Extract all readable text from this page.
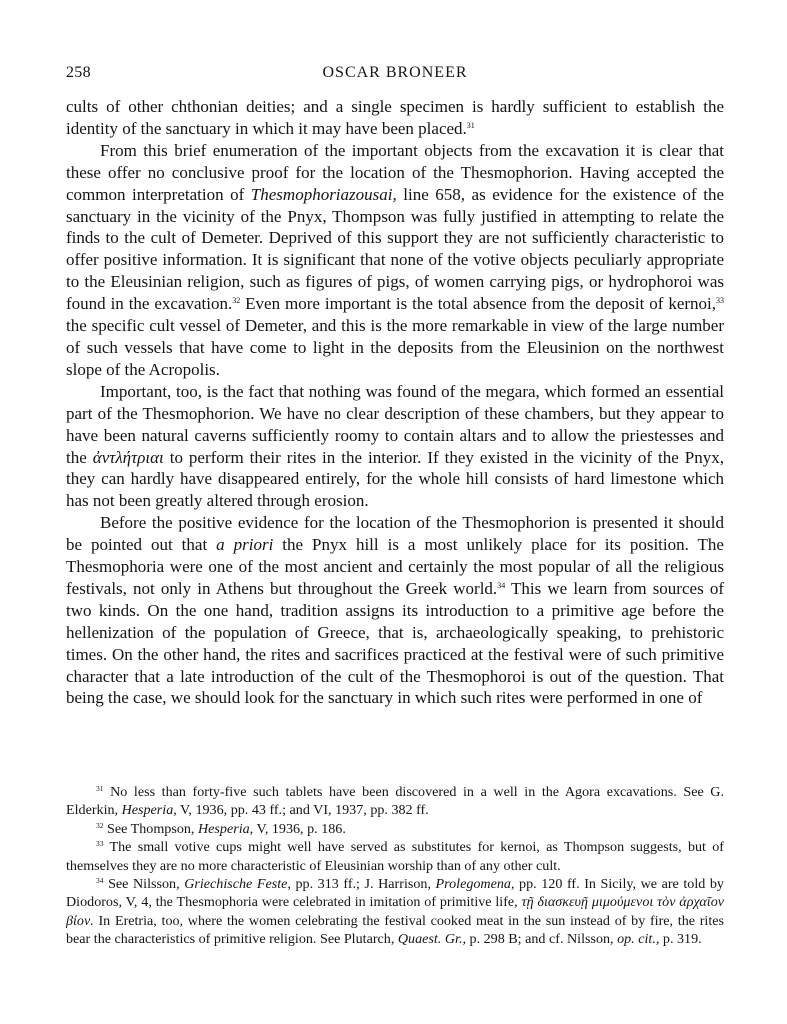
258	OSCAR BRONEER

cults of other chthonian deities; and a single specimen is hardly sufficient to establish the identity of the sanctuary in which it may have been placed.$^{31}$

From this brief enumeration of the important objects from the excavation it is clear that these offer no conclusive proof for the location of the Thesmophorion. Having accepted the common interpretation of Thesmophoriazousai, line 658, as evidence for the existence of the sanctuary in the vicinity of the Pnyx, Thompson was fully justified in attempting to relate the finds to the cult of Demeter. Deprived of this support they are not sufficiently characteristic to offer positive information. It is significant that none of the votive objects peculiarly appropriate to the Eleusinian religion, such as figures of pigs, of women carrying pigs, or hydrophoroi was found in the excavation.$^{32}$ Even more important is the total absence from the deposit of kernoi,$^{33}$ the specific cult vessel of Demeter, and this is the more remarkable in view of the large number of such vessels that have come to light in the deposits from the Eleusinion on the northwest slope of the Acropolis.

Important, too, is the fact that nothing was found of the megara, which formed an essential part of the Thesmophorion. We have no clear description of these chambers, but they appear to have been natural caverns sufficiently roomy to contain altars and to allow the priestesses and the ἀντλήτριαι to perform their rites in the interior. If they existed in the vicinity of the Pnyx, they can hardly have disappeared entirely, for the whole hill consists of hard limestone which has not been greatly altered through erosion.

Before the positive evidence for the location of the Thesmophorion is presented it should be pointed out that a priori the Pnyx hill is a most unlikely place for its position. The Thesmophoria were one of the most ancient and certainly the most popular of all the religious festivals, not only in Athens but throughout the Greek world.$^{34}$ This we learn from sources of two kinds. On the one hand, tradition assigns its introduction to a primitive age before the hellenization of the population of Greece, that is, archaeologically speaking, to prehistoric times. On the other hand, the rites and sacrifices practiced at the festival were of such primitive character that a late introduction of the cult of the Thesmophoroi is out of the question. That being the case, we should look for the sanctuary in which such rites were performed in one of

$^{31}$ No less than forty-five such tablets have been discovered in a well in the Agora excavations. See G. Elderkin, Hesperia, V, 1936, pp. 43 ff.; and VI, 1937, pp. 382 ff.

$^{32}$ See Thompson, Hesperia, V, 1936, p. 186.

$^{33}$ The small votive cups might well have served as substitutes for kernoi, as Thompson suggests, but of themselves they are no more characteristic of Eleusinian worship than of any other cult.

$^{34}$ See Nilsson, Griechische Feste, pp. 313 ff.; J. Harrison, Prolegomena, pp. 120 ff. In Sicily, we are told by Diodoros, V, 4, the Thesmophoria were celebrated in imitation of primitive life, τῇ διασκευῇ μιμούμενοι τὸν ἀρχαῖον βίον. In Eretria, too, where the women celebrating the festival cooked meat in the sun instead of by fire, the rites bear the characteristics of primitive religion. See Plutarch, Quaest. Gr., p. 298 B; and cf. Nilsson, op. cit., p. 319.
